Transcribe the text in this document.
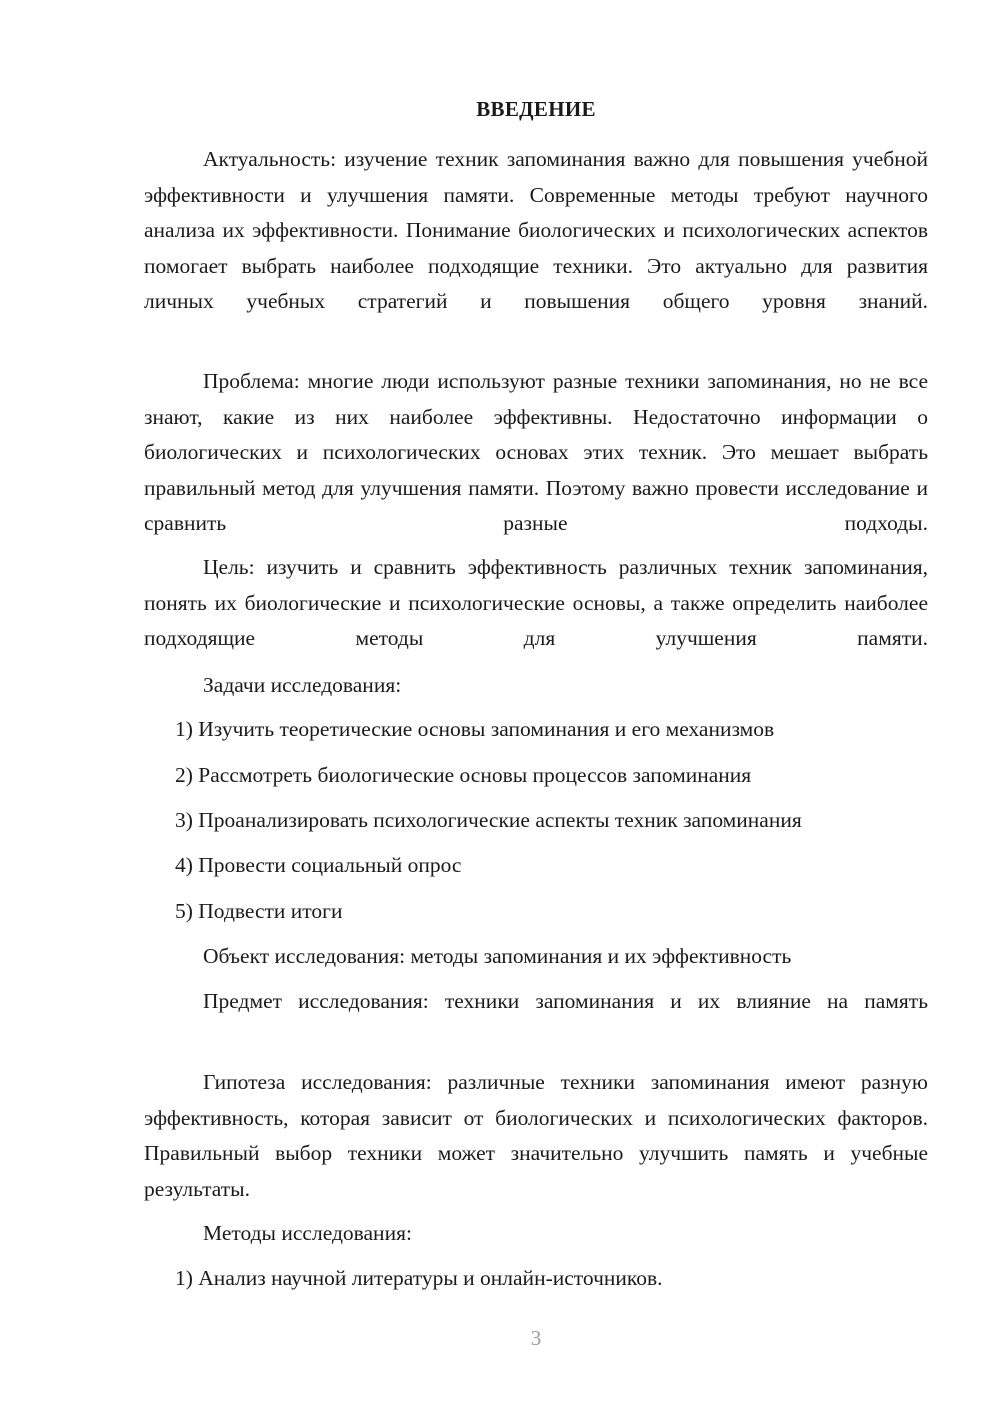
ВВЕДЕНИЕ
Актуальность: изучение техник запоминания важно для повышения учебной эффективности и улучшения памяти. Современные методы требуют научного анализа их эффективности. Понимание биологических и психологических аспектов помогает выбрать наиболее подходящие техники. Это актуально для развития личных учебных стратегий и повышения общего уровня знаний.
Проблема: многие люди используют разные техники запоминания, но не все знают, какие из них наиболее эффективны. Недостаточно информации о биологических и психологических основах этих техник. Это мешает выбрать правильный метод для улучшения памяти. Поэтому важно провести исследование и сравнить разные подходы.
Цель: изучить и сравнить эффективность различных техник запоминания, понять их биологические и психологические основы, а также определить наиболее подходящие методы для улучшения памяти.
Задачи исследования:
1) Изучить теоретические основы запоминания и его механизмов
2) Рассмотреть биологические основы процессов запоминания
3) Проанализировать психологические аспекты техник запоминания
4) Провести социальный опрос
5) Подвести итоги
Объект исследования: методы запоминания и их эффективность
Предмет исследования: техники запоминания и их влияние на память
Гипотеза исследования: различные техники запоминания имеют разную эффективность, которая зависит от биологических и психологических факторов. Правильный выбор техники может значительно улучшить память и учебные результаты.
Методы исследования:
1) Анализ научной литературы и онлайн-источников.
3
